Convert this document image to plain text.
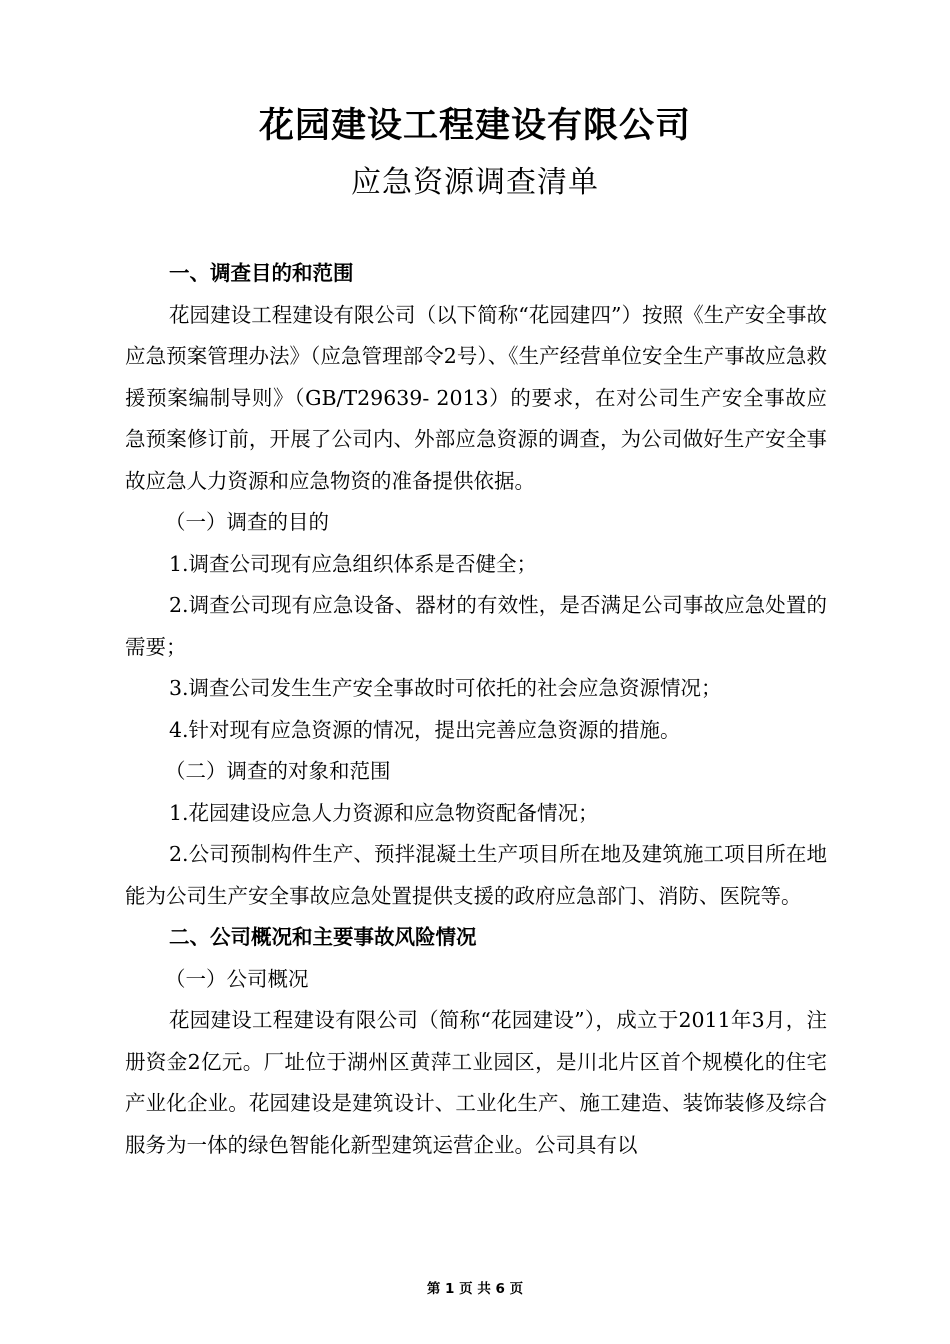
花园建设工程建设有限公司
应急资源调查清单

一、调查目的和范围

花园建设工程建设有限公司（以下简称“花园建四”）按照《生产安全事故应急预案管理办法》（应急管理部令2号）、《生产经营单位安全生产事故应急救援预案编制导则》（GB/T29639- 2013）的要求，在对公司生产安全事故应急预案修订前，开展了公司内、外部应急资源的调查，为公司做好生产安全事故应急人力资源和应急物资的准备提供依据。

（一）调查的目的

1.调查公司现有应急组织体系是否健全；

2.调查公司现有应急设备、器材的有效性，是否满足公司事故应急处置的需要；

3.调查公司发生生产安全事故时可依托的社会应急资源情况；

4.针对现有应急资源的情况，提出完善应急资源的措施。

（二）调查的对象和范围

1.花园建设应急人力资源和应急物资配备情况；

2.公司预制构件生产、预拌混凝土生产项目所在地及建筑施工项目所在地能为公司生产安全事故应急处置提供支援的政府应急部门、消防、医院等。

二、公司概况和主要事故风险情况

（一）公司概况

花园建设工程建设有限公司（简称“花园建设”），成立于2011年3月，注册资金2亿元。厂址位于湖州区黄萍工业园区，是川北片区首个规模化的住宅产业化企业。花园建设是建筑设计、工业化生产、施工建造、装饰装修及综合服务为一体的绿色智能化新型建筑运营企业。公司具有以

第 1 页 共 6 页
